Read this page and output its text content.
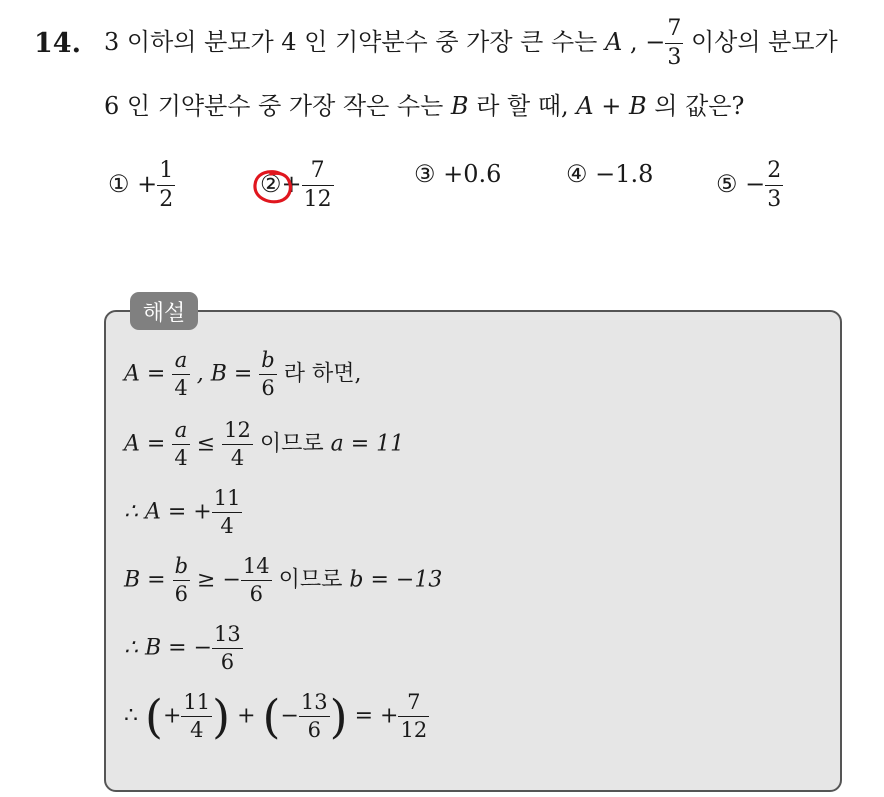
14. 3 이하의 분모가 4 인 기약분수 중 가장 큰 수는 A , − $\frac{7}{3}$ 이상의 분모가
6 인 기약분수 중 가장 작은 수는 B 라 할 때, A + B 의 값은?
① + $\frac{1}{2}$	②+ $\frac{7}{12}$	③ +0.6	④ −1.8	⑤ − $\frac{2}{3}$
해설
$A = \frac{a}{4}$ , $B = \frac{b}{6}$ 라 하면,
$A = \frac{a}{4} \le \frac{12}{4}$ 이므로 a = 11
∴ A = + $\frac{11}{4}$
$B = \frac{b}{6}$ ≥ − $\frac{14}{6}$ 이므로 b = −13
∴ B = − $\frac{13}{6}$
∴ (+ $\frac{11}{4}$ ) + (− $\frac{13}{6}$ ) = + $\frac{7}{12}$
